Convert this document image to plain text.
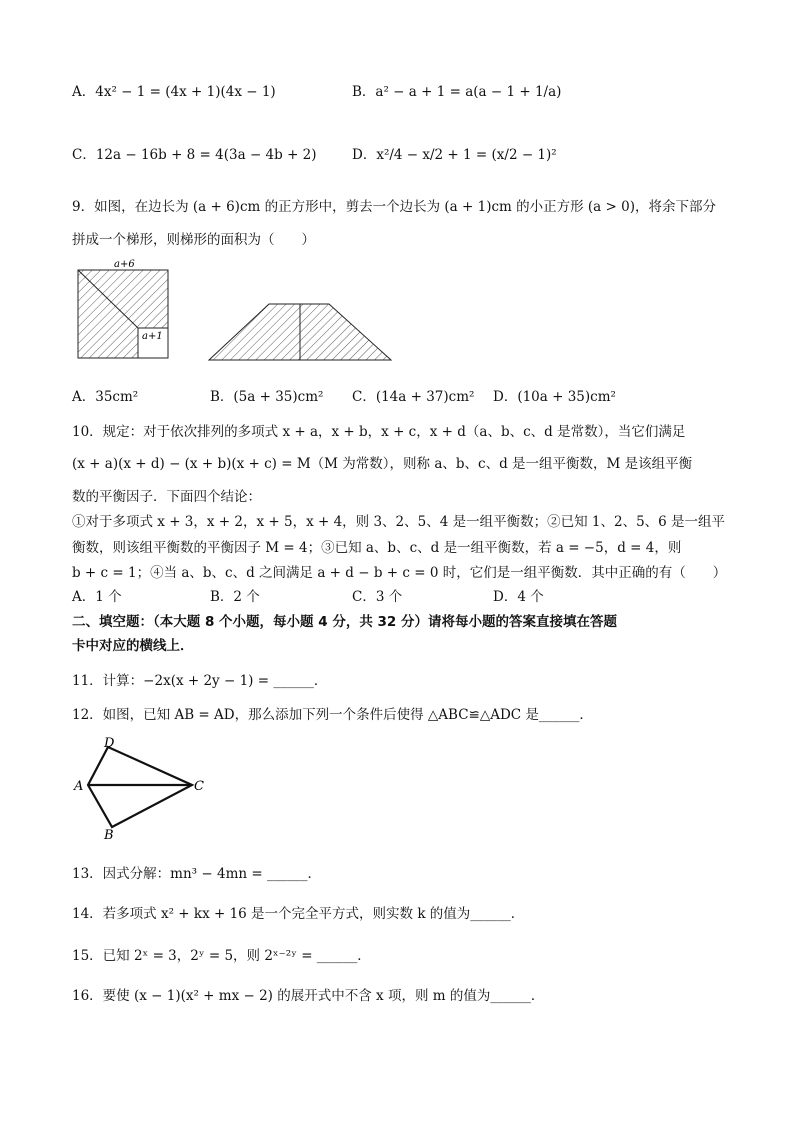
A．4x² − 1 = (4x + 1)(4x − 1)	B．a² − a + 1 = a(a − 1 + 1/a)
C．12a − 16b + 8 = 4(3a − 4b + 2)	D．x²/4 − x/2 + 1 = (x/2 − 1)²
9．如图，在边长为 (a + 6)cm 的正方形中，剪去一个边长为 (a + 1)cm 的小正方形 (a > 0)，将余下部分
拼成一个梯形，则梯形的面积为（　　）
a+6
a+1
A．35cm²	B．(5a + 35)cm² C．(14a + 37)cm² D．(10a + 35)cm²
10．规定：对于依次排列的多项式 x + a，x + b，x + c，x + d（a、b、c、d 是常数），当它们满足
(x + a)(x + d) − (x + b)(x + c) = M（M 为常数），则称 a、b、c、d 是一组平衡数，M 是该组平衡
数的平衡因子．下面四个结论：
①对于多项式 x + 3，x + 2，x + 5，x + 4，则 3、2、5、4 是一组平衡数；②已知 1、2、5、6 是一组平
衡数，则该组平衡数的平衡因子 M = 4；③已知 a、b、c、d 是一组平衡数，若 a = −5，d = 4，则
b + c = 1；④当 a、b、c、d 之间满足 a + d − b + c = 0 时，它们是一组平衡数．其中正确的有（　　）
A．1 个	B．2 个	C．3 个	D．4 个
二、填空题：（本大题 8 个小题，每小题 4 分，共 32 分）请将每小题的答案直接填在答题
卡中对应的横线上．
11．计算：−2x(x + 2y − 1) = ______．
12．如图，已知 AB = AD，那么添加下列一个条件后使得 △ABC≌△ADC 是______．
D
A
B
C
13．因式分解：mn³ − 4mn = ______．
14．若多项式 x² + kx + 16 是一个完全平方式，则实数 k 的值为______．
15．已知 2ˣ = 3，2ʸ = 5，则 2ˣ⁻²ʸ = ______．
16．要使 (x − 1)(x² + mx − 2) 的展开式中不含 x 项，则 m 的值为______．
